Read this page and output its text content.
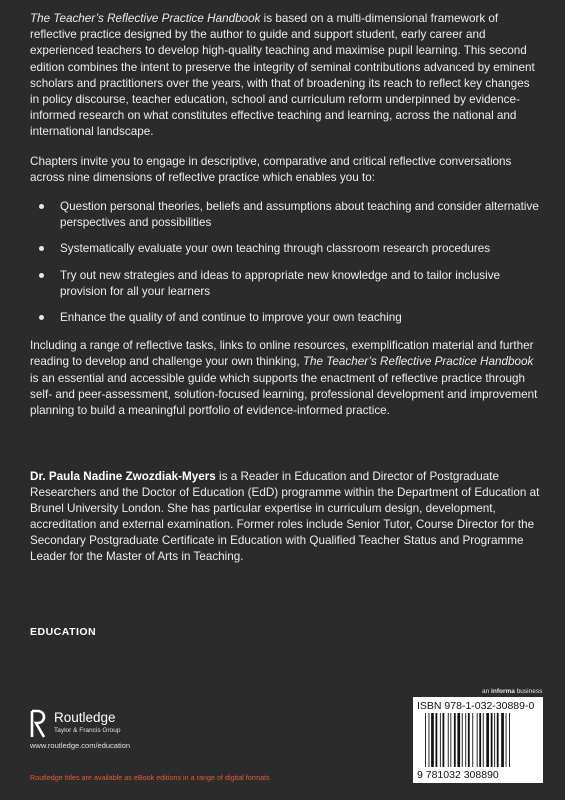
The Teacher’s Reflective Practice Handbook is based on a multi-dimensional framework of reflective practice designed by the author to guide and support student, early career and experienced teachers to develop high-quality teaching and maximise pupil learning. This second edition combines the intent to preserve the integrity of seminal contributions advanced by eminent scholars and practitioners over the years, with that of broadening its reach to reflect key changes in policy discourse, teacher education, school and curriculum reform underpinned by evidence-informed research on what constitutes effective teaching and learning, across the national and international landscape.

Chapters invite you to engage in descriptive, comparative and critical reflective conversations across nine dimensions of reflective practice which enables you to:

Question personal theories, beliefs and assumptions about teaching and consider alternative perspectives and possibilities
Systematically evaluate your own teaching through classroom research procedures
Try out new strategies and ideas to appropriate new knowledge and to tailor inclusive provision for all your learners
Enhance the quality of and continue to improve your own teaching

Including a range of reflective tasks, links to online resources, exemplification material and further reading to develop and challenge your own thinking, The Teacher’s Reflective Practice Handbook is an essential and accessible guide which supports the enactment of reflective practice through self- and peer-assessment, solution-focused learning, professional development and improvement planning to build a meaningful portfolio of evidence-informed practice.

Dr. Paula Nadine Zwozdiak-Myers is a Reader in Education and Director of Postgraduate Researchers and the Doctor of Education (EdD) programme within the Department of Education at Brunel University London. She has particular expertise in curriculum design, development, accreditation and external examination. Former roles include Senior Tutor, Course Director for the Secondary Postgraduate Certificate in Education with Qualified Teacher Status and Programme Leader for the Master of Arts in Teaching.
EDUCATION
an informa business
ISBN 978-1-032-30889-0
9 781032 308890
Routledge
Taylor & Francis Group
www.routledge.com/education
Routledge titles are available as eBook editions in a range of digital formats
